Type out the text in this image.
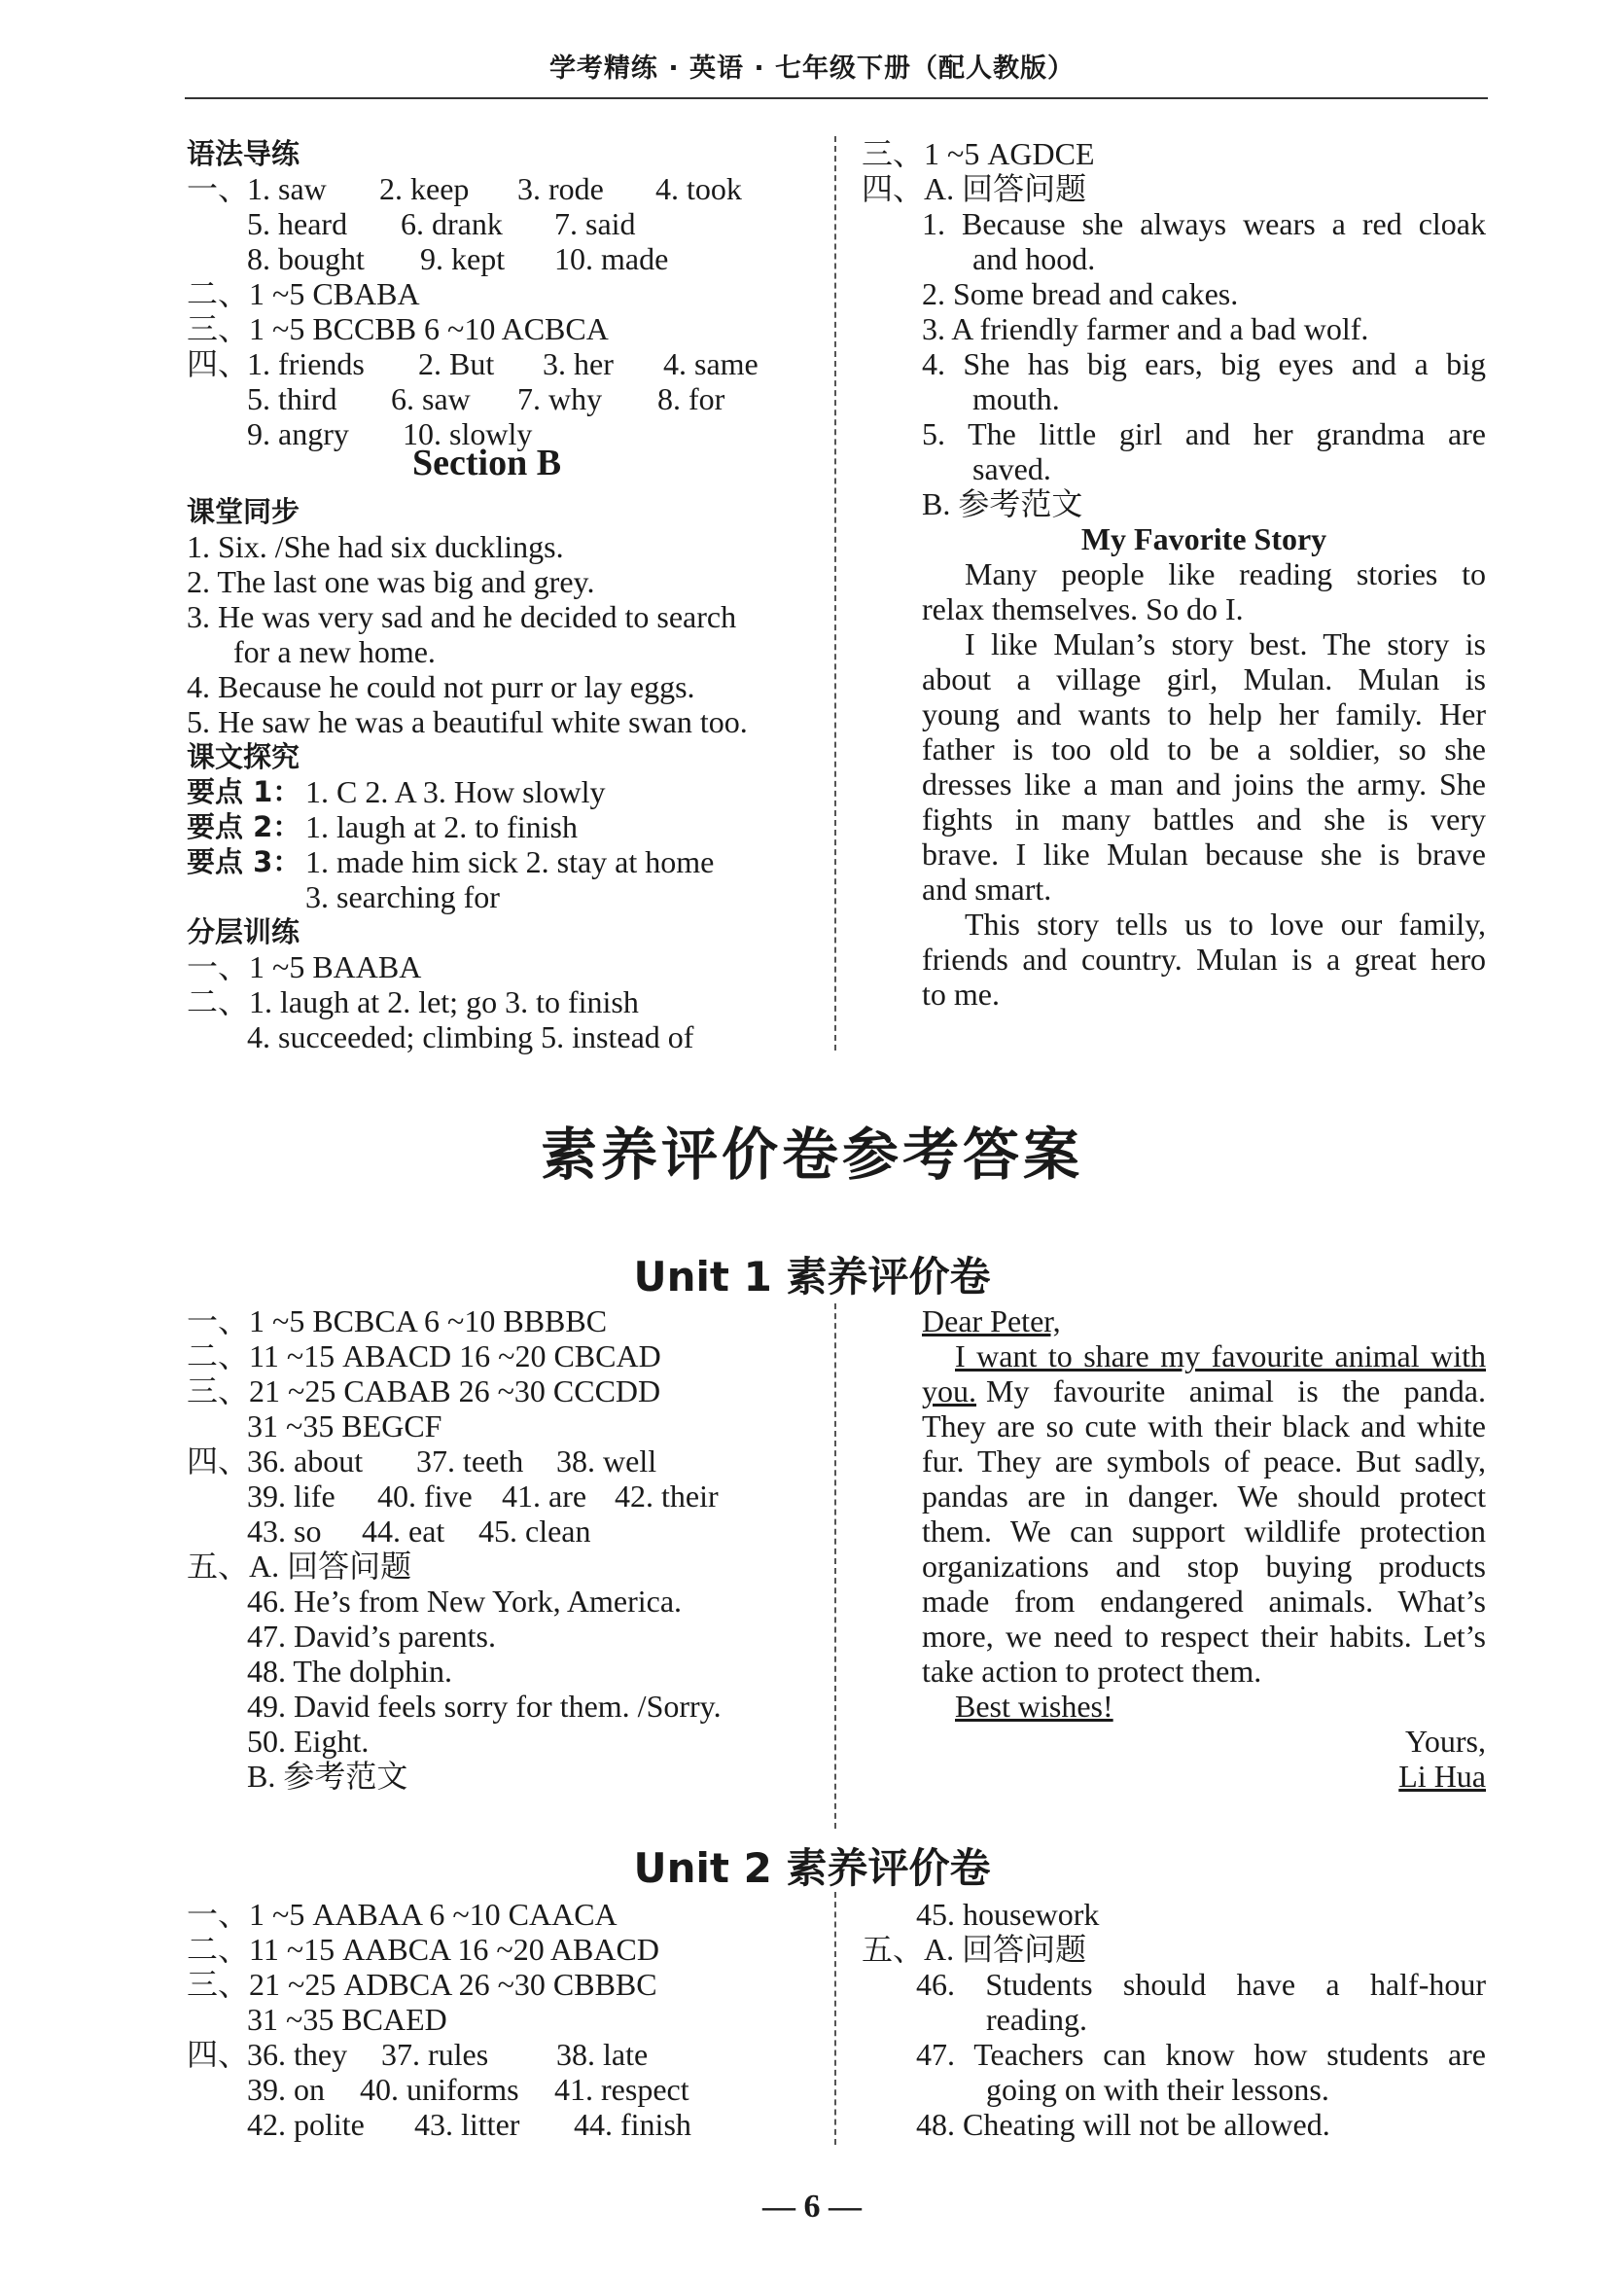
学考精练 · 英语 · 七年级下册（配人教版）
语法导练
一、
1. saw 2. keep 3. rode 4. took
5. heard 6. drank 7. said
8. bought 9. kept 10. made
二、1 ~5 CBABA
三、1 ~5 BCCBB 6 ~10 ACBCA
四、
1. friends 2. But 3. her 4. same
5. third 6. saw 7. why 8. for
9. angry 10. slowly
Section B
课堂同步
1. Six. /She had six ducklings.
2. The last one was big and grey.
3. He was very sad and he decided to search
for a new home.
4. Because he could not purr or lay eggs.
5. He saw he was a beautiful white swan too.
课文探究
要点 1： 1. C 2. A 3. How slowly
要点 2： 1. laugh at 2. to finish
要点 3： 1. made him sick 2. stay at home
3. searching for
分层训练
一、1 ~5 BAABA
二、1. laugh at 2. let; go 3. to finish
4. succeeded; climbing 5. instead of
三、1 ~5 AGDCE
四、A. 回答问题
1. Because she always wears a red cloak
and hood.
2. Some bread and cakes.
3. A friendly farmer and a bad wolf.
4. She has big ears, big eyes and a big
mouth.
5. The little girl and her grandma are
saved.
B. 参考范文
My Favorite Story
Many people like reading stories to
relax themselves. So do I.
I like Mulan’s story best. The story is
about a village girl, Mulan. Mulan is
young and wants to help her family. Her
father is too old to be a soldier, so she
dresses like a man and joins the army. She
fights in many battles and she is very
brave. I like Mulan because she is brave
and smart.
This story tells us to love our family,
friends and country. Mulan is a great hero
to me.
素养评价卷参考答案
Unit 1 素养评价卷
一、1 ~5 BCBCA 6 ~10 BBBBC
二、11 ~15 ABACD 16 ~20 CBCAD
三、21 ~25 CABAB 26 ~30 CCCDD
31 ~35 BEGCF
四、
36. about 37. teeth 38. well
39. life 40. five 41. are 42. their
43. so 44. eat 45. clean
五、A. 回答问题
46. He’s from New York, America.
47. David’s parents.
48. The dolphin.
49. David feels sorry for them. /Sorry.
50. Eight.
B. 参考范文
Dear Peter,
I want to share my favourite animal with
you. My favourite animal is the panda.
They are so cute with their black and white
fur. They are symbols of peace. But sadly,
pandas are in danger. We should protect
them. We can support wildlife protection
organizations and stop buying products
made from endangered animals. What’s
more, we need to respect their habits. Let’s
take action to protect them.
Best wishes!
Yours,
Li Hua
Unit 2 素养评价卷
一、1 ~5 AABAA 6 ~10 CAACA
二、11 ~15 AABCA 16 ~20 ABACD
三、21 ~25 ADBCA 26 ~30 CBBBC
31 ~35 BCAED
四、
36. they 37. rules 38. late
39. on 40. uniforms 41. respect
42. polite 43. litter 44. finish
45. housework
五、A. 回答问题
46. Students should have a half-hour
reading.
47. Teachers can know how students are
going on with their lessons.
48. Cheating will not be allowed.
— 6 —
